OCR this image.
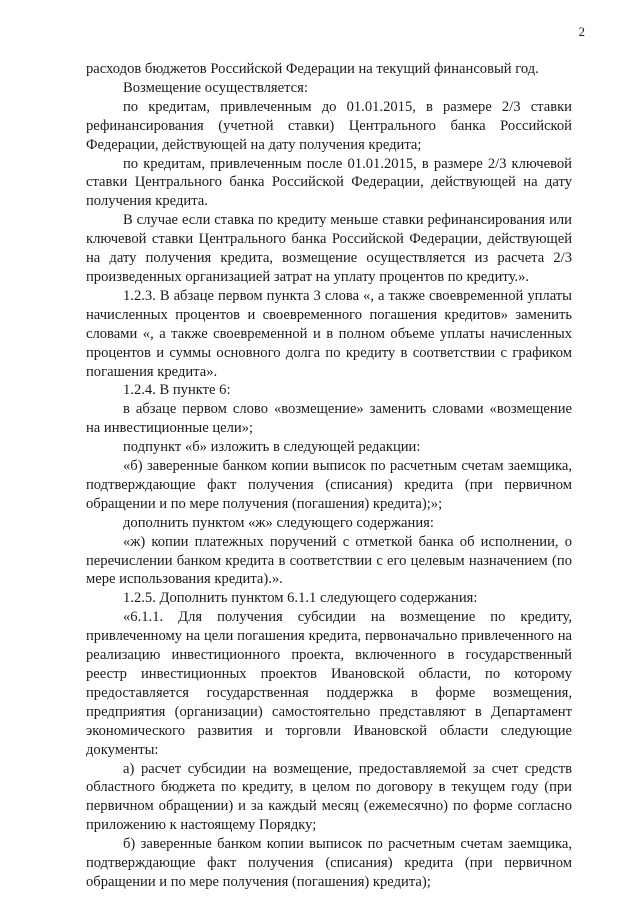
2

расходов бюджетов Российской Федерации на текущий финансовый год.

Возмещение осуществляется:

по кредитам, привлеченным до 01.01.2015, в размере 2/3 ставки рефинансирования (учетной ставки) Центрального банка Российской Федерации, действующей на дату получения кредита;

по кредитам, привлеченным после 01.01.2015, в размере 2/3 ключевой ставки Центрального банка Российской Федерации, действующей на дату получения кредита.

В случае если ставка по кредиту меньше ставки рефинансирования или ключевой ставки Центрального банка Российской Федерации, действующей на дату получения кредита, возмещение осуществляется из расчета 2/3 произведенных организацией затрат на уплату процентов по кредиту.».

1.2.3. В абзаце первом пункта 3 слова «, а также своевременной уплаты начисленных процентов и своевременного погашения кредитов» заменить словами «, а также своевременной и в полном объеме уплаты начисленных процентов и суммы основного долга по кредиту в соответствии с графиком погашения кредита».

1.2.4. В пункте 6:

в абзаце первом слово «возмещение» заменить словами «возмещение на инвестиционные цели»;

подпункт «б» изложить в следующей редакции:

«б) заверенные банком копии выписок по расчетным счетам заемщика, подтверждающие факт получения (списания) кредита (при первичном обращении и по мере получения (погашения) кредита);»;

дополнить пунктом «ж» следующего содержания:

«ж) копии платежных поручений с отметкой банка об исполнении, о перечислении банком кредита в соответствии с его целевым назначением (по мере использования кредита).».

1.2.5. Дополнить пунктом 6.1.1 следующего содержания:

«6.1.1. Для получения субсидии на возмещение по кредиту, привлеченному на цели погашения кредита, первоначально привлеченного на реализацию инвестиционного проекта, включенного в государственный реестр инвестиционных проектов Ивановской области, по которому предоставляется государственная поддержка в форме возмещения, предприятия (организации) самостоятельно представляют в Департамент экономического развития и торговли Ивановской области следующие документы:

а) расчет субсидии на возмещение, предоставляемой за счет средств областного бюджета по кредиту, в целом по договору в текущем году (при первичном обращении) и за каждый месяц (ежемесячно) по форме согласно приложению к настоящему Порядку;

б) заверенные банком копии выписок по расчетным счетам заемщика, подтверждающие факт получения (списания) кредита (при первичном обращении и по мере получения (погашения) кредита);
